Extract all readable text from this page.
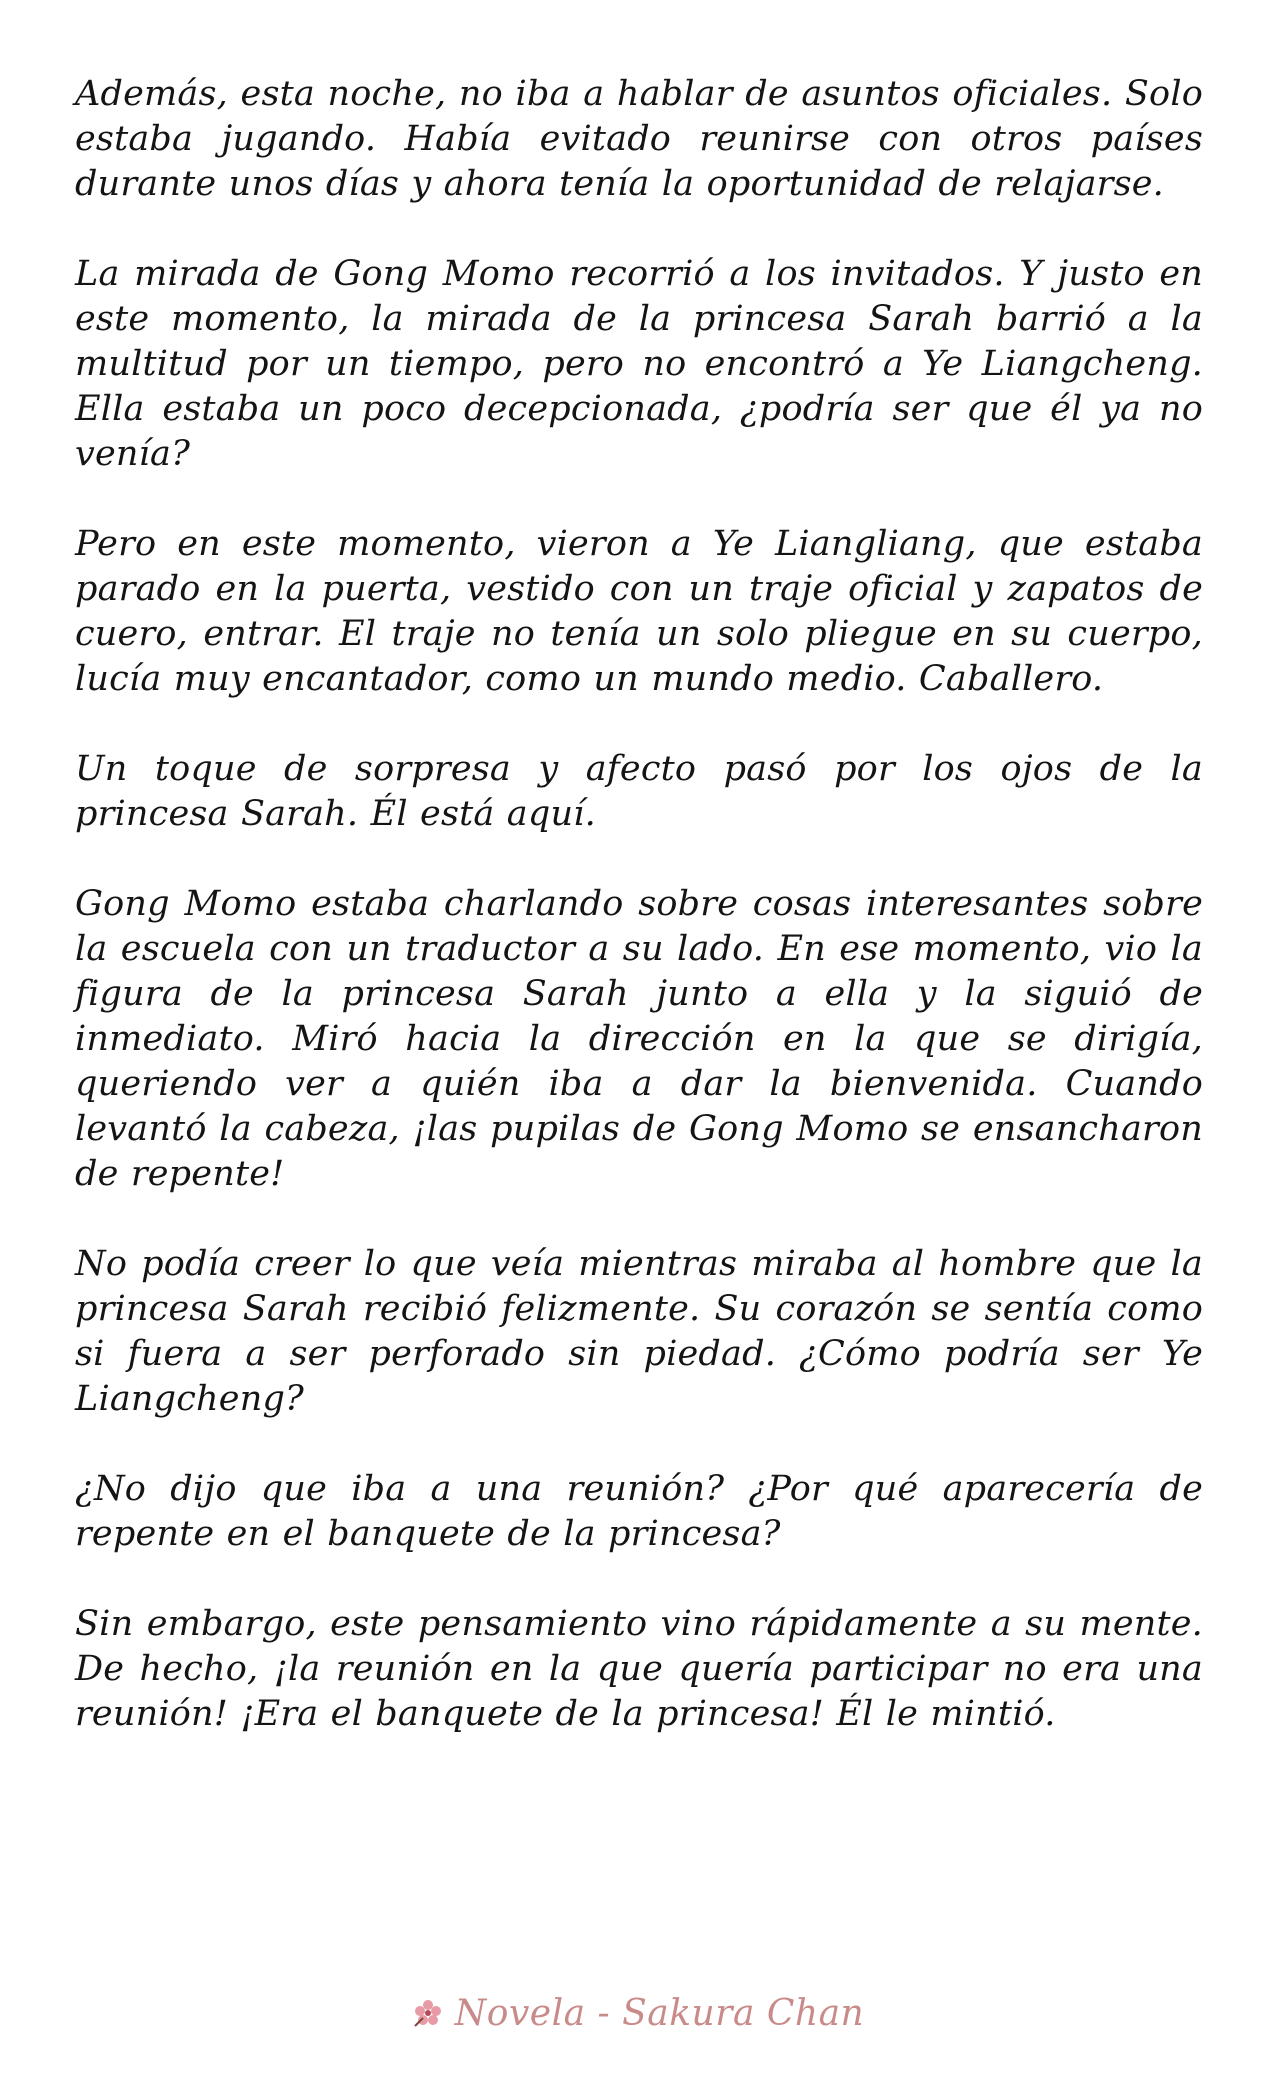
Además, esta noche, no iba a hablar de asuntos oficiales. Solo estaba jugando. Había evitado reunirse con otros países durante unos días y ahora tenía la oportunidad de relajarse.

La mirada de Gong Momo recorrió a los invitados. Y justo en este momento, la mirada de la princesa Sarah barrió a la multitud por un tiempo, pero no encontró a Ye Liangcheng. Ella estaba un poco decepcionada, ¿podría ser que él ya no venía?

Pero en este momento, vieron a Ye Liangliang, que estaba parado en la puerta, vestido con un traje oficial y zapatos de cuero, entrar. El traje no tenía un solo pliegue en su cuerpo, lucía muy encantador, como un mundo medio. Caballero.

Un toque de sorpresa y afecto pasó por los ojos de la princesa Sarah. Él está aquí.

Gong Momo estaba charlando sobre cosas interesantes sobre la escuela con un traductor a su lado. En ese momento, vio la figura de la princesa Sarah junto a ella y la siguió de inmediato. Miró hacia la dirección en la que se dirigía, queriendo ver a quién iba a dar la bienvenida. Cuando levantó la cabeza, ¡las pupilas de Gong Momo se ensancharon de repente!

No podía creer lo que veía mientras miraba al hombre que la princesa Sarah recibió felizmente. Su corazón se sentía como si fuera a ser perforado sin piedad. ¿Cómo podría ser Ye Liangcheng?

¿No dijo que iba a una reunión? ¿Por qué aparecería de repente en el banquete de la princesa?

Sin embargo, este pensamiento vino rápidamente a su mente. De hecho, ¡la reunión en la que quería participar no era una reunión! ¡Era el banquete de la princesa! Él le mintió.

Novela - Sakura Chan
